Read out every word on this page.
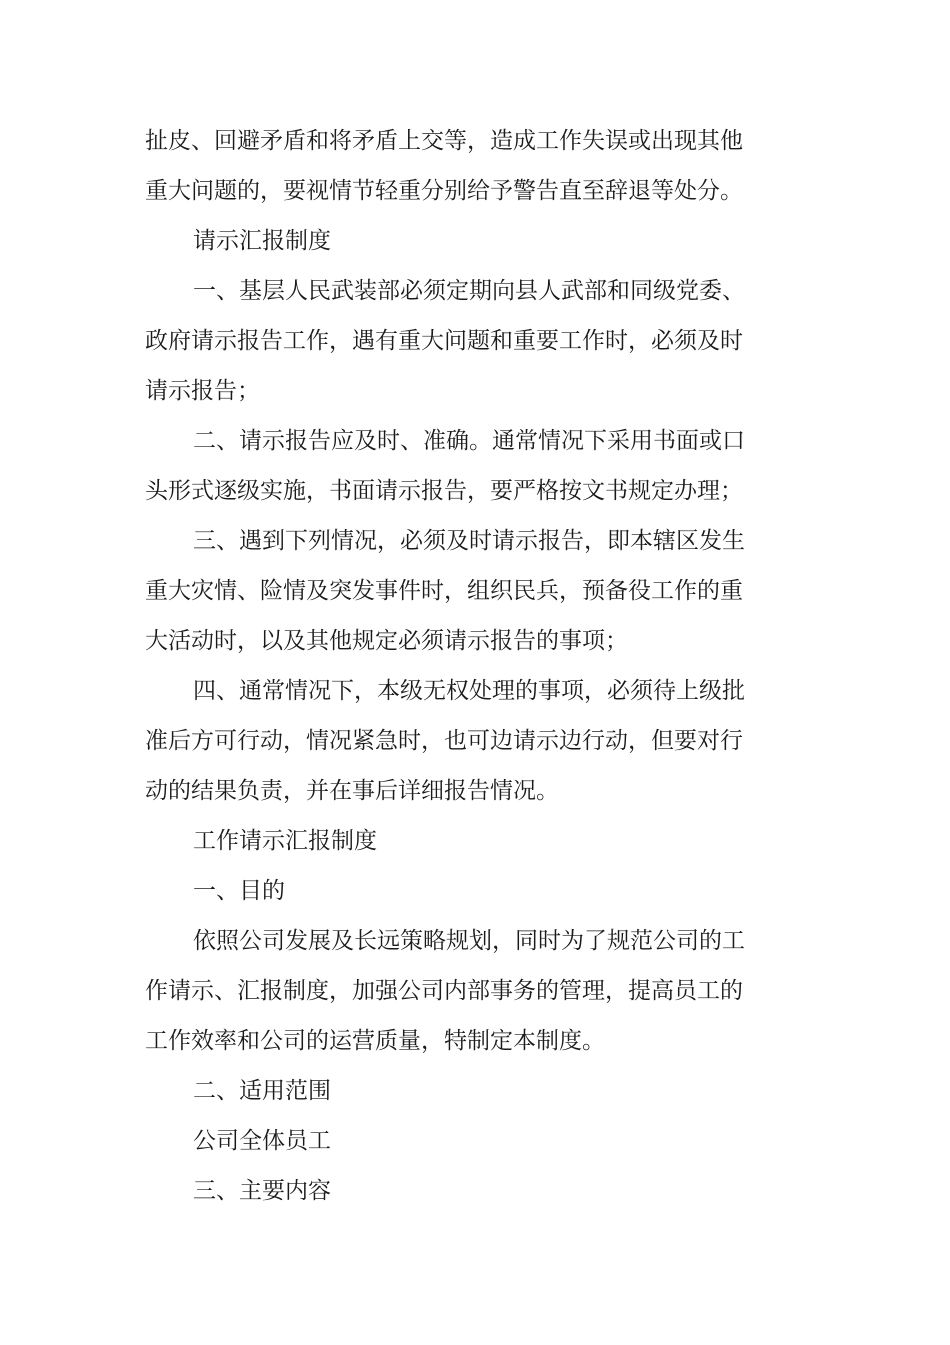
扯皮、回避矛盾和将矛盾上交等，造成工作失误或出现其他

重大问题的，要视情节轻重分别给予警告直至辞退等处分。

请示汇报制度

一、基层人民武装部必须定期向县人武部和同级党委、

政府请示报告工作，遇有重大问题和重要工作时，必须及时

请示报告；

二、请示报告应及时、准确。通常情况下采用书面或口

头形式逐级实施，书面请示报告，要严格按文书规定办理；

三、遇到下列情况，必须及时请示报告，即本辖区发生

重大灾情、险情及突发事件时，组织民兵，预备役工作的重

大活动时，以及其他规定必须请示报告的事项；

四、通常情况下，本级无权处理的事项，必须待上级批

准后方可行动，情况紧急时，也可边请示边行动，但要对行

动的结果负责，并在事后详细报告情况。

工作请示汇报制度

一、目的

依照公司发展及长远策略规划，同时为了规范公司的工

作请示、汇报制度，加强公司内部事务的管理，提高员工的

工作效率和公司的运营质量，特制定本制度。

二、适用范围

公司全体员工

三、主要内容
